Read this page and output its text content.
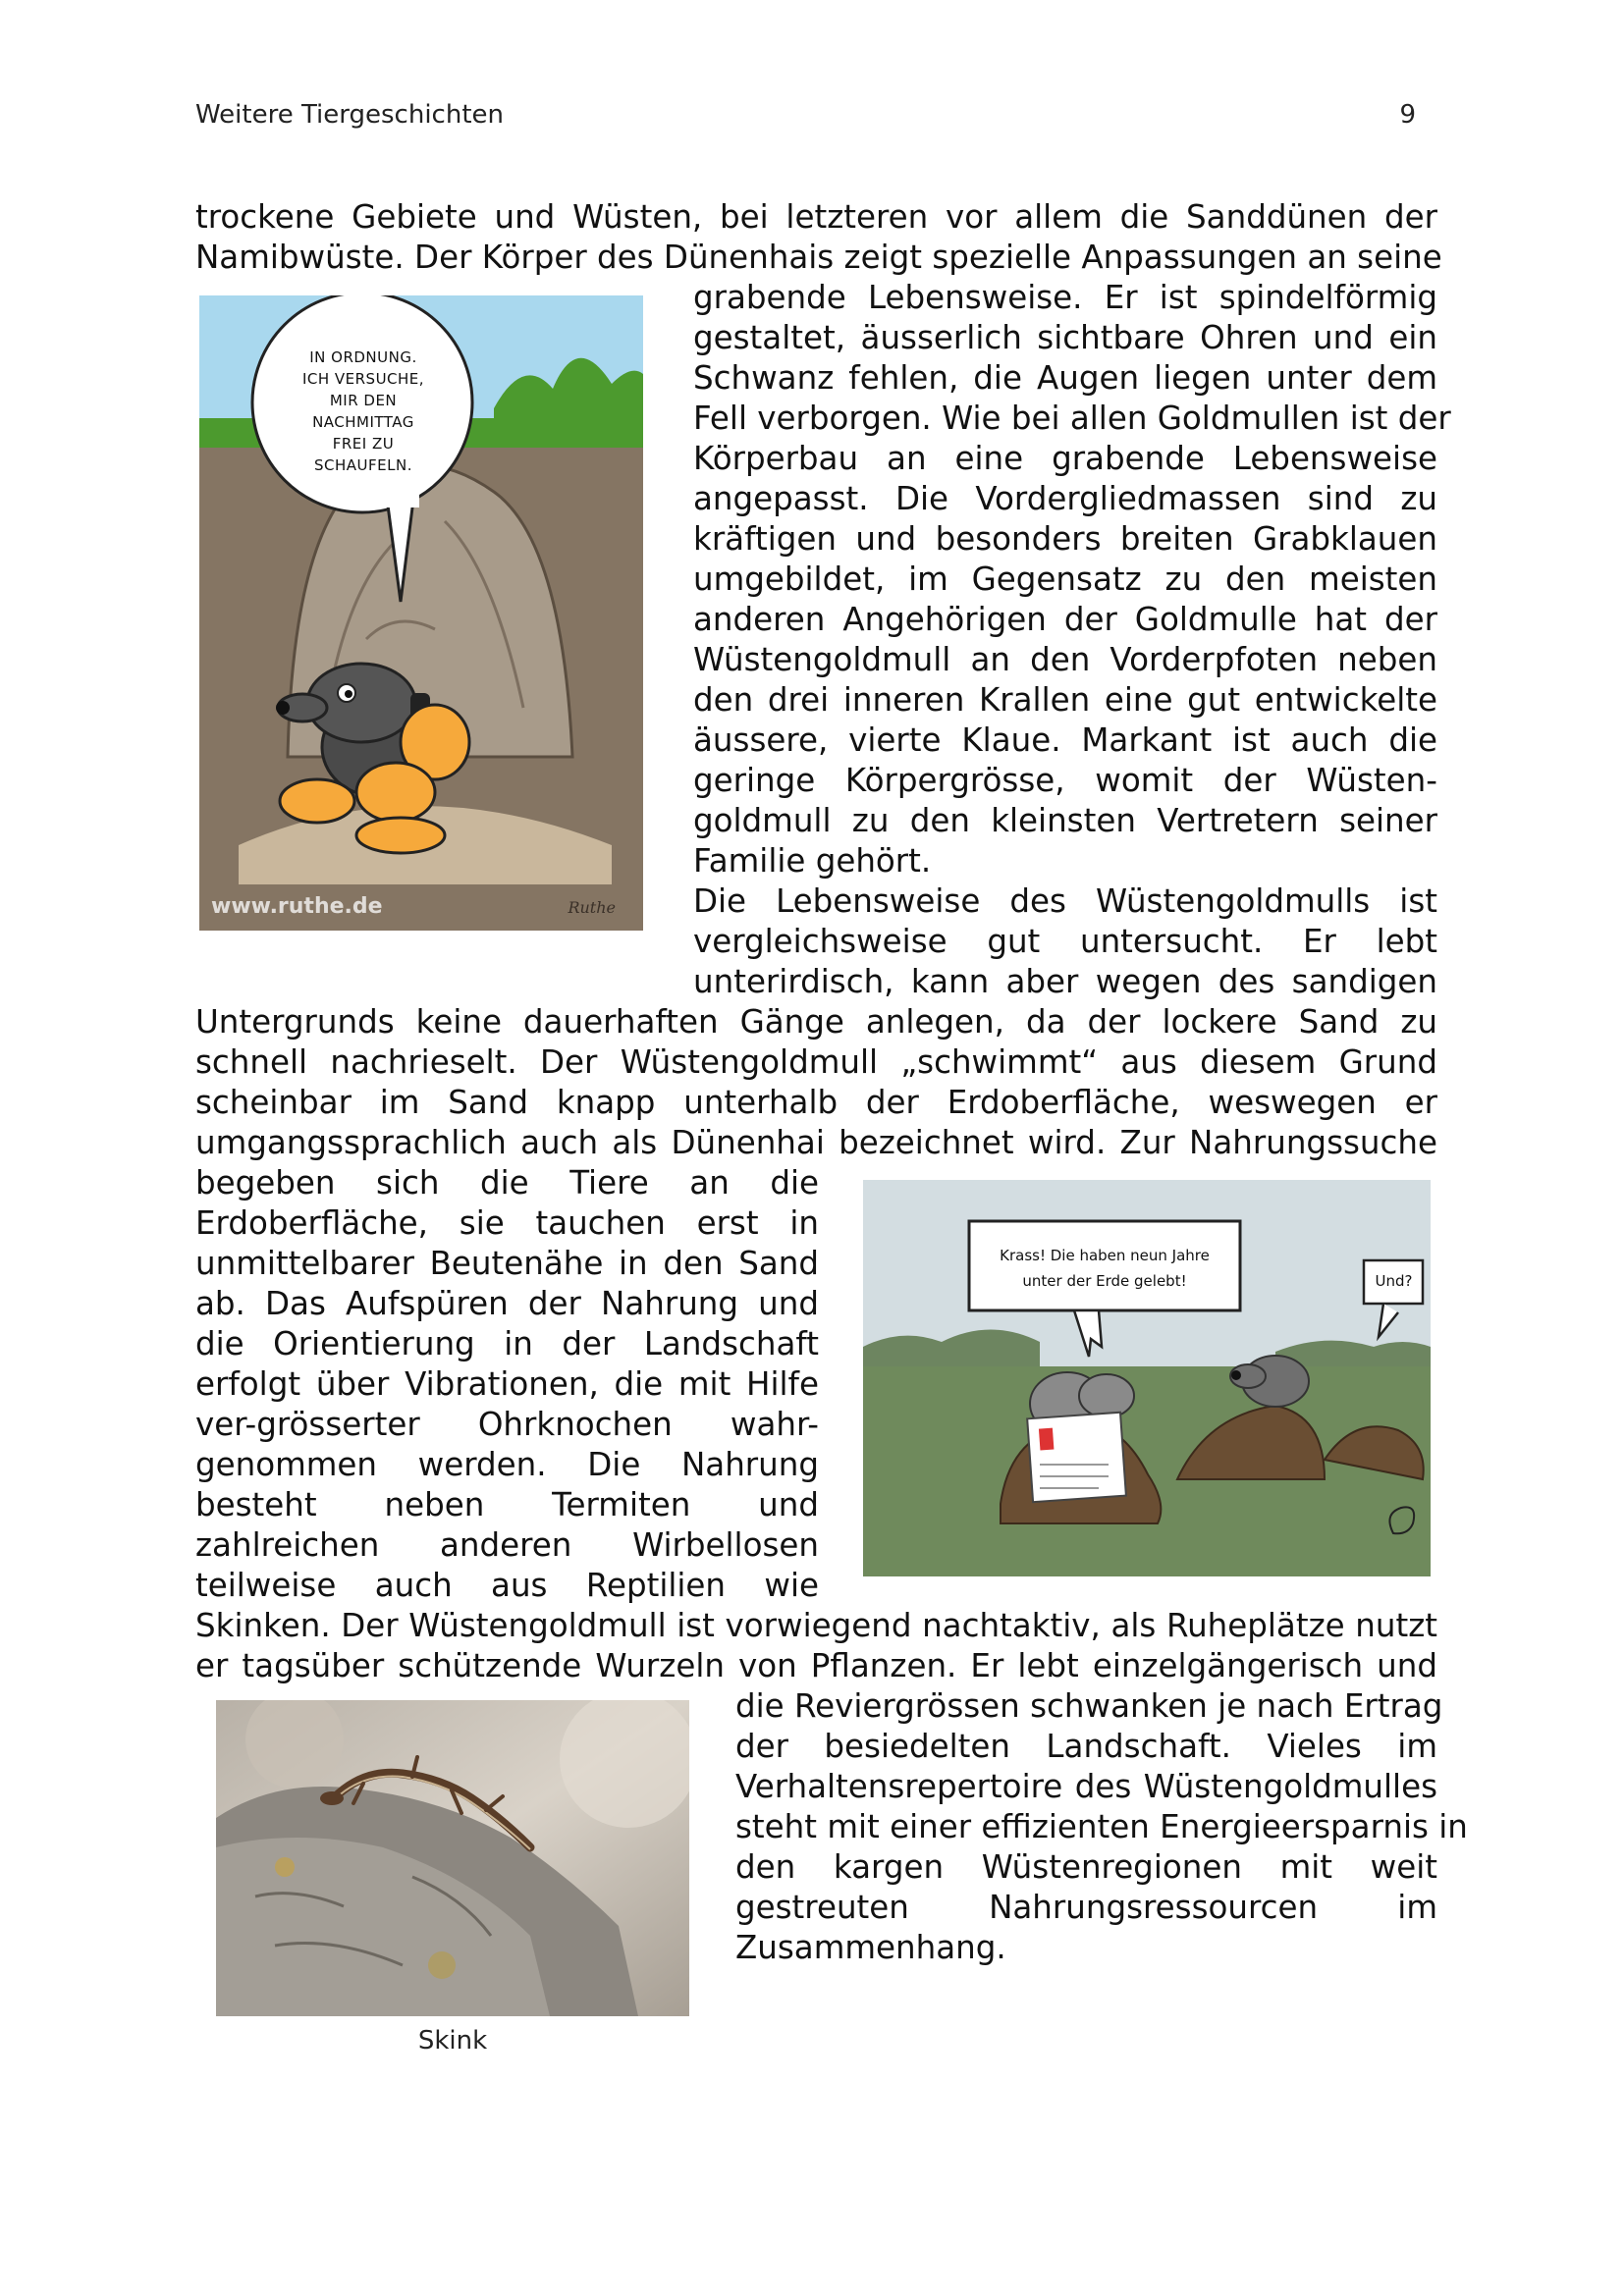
Weitere Tiergeschichten	9
trockene Gebiete und Wüsten, bei letzteren vor allem die Sanddünen der
Namibwüste. Der Körper des Dünenhais zeigt spezielle Anpassungen an seine
grabende Lebensweise. Er ist spindelförmig
gestaltet, äusserlich sichtbare Ohren und ein
Schwanz fehlen, die Augen liegen unter dem
Fell verborgen. Wie bei allen Goldmullen ist der
Körperbau an eine grabende Lebensweise
angepasst. Die Vordergliedmassen sind zu
kräftigen und besonders breiten Grabklauen
umgebildet, im Gegensatz zu den meisten
anderen Angehörigen der Goldmulle hat der
Wüstengoldmull an den Vorderpfoten neben
den drei inneren Krallen eine gut entwickelte
äussere, vierte Klaue. Markant ist auch die
geringe Körpergrösse, womit der Wüsten-
goldmull zu den kleinsten Vertretern seiner
Familie gehört.
Die Lebensweise des Wüstengoldmulls ist
vergleichsweise gut untersucht. Er lebt
unterirdisch, kann aber wegen des sandigen
Untergrunds keine dauerhaften Gänge anlegen, da der lockere Sand zu
schnell nachrieselt. Der Wüstengoldmull „schwimmt“ aus diesem Grund
scheinbar im Sand knapp unterhalb der Erdoberfläche, weswegen er
umgangssprachlich auch als Dünenhai bezeichnet wird. Zur Nahrungssuche
begeben sich die Tiere an die
Erdoberfläche, sie tauchen erst in
unmittelbarer Beutenähe in den Sand
ab. Das Aufspüren der Nahrung und
die Orientierung in der Landschaft
erfolgt über Vibrationen, die mit Hilfe
ver-grösserter Ohrknochen wahr-
genommen werden. Die Nahrung
besteht neben Termiten und
zahlreichen anderen Wirbellosen
teilweise auch aus Reptilien wie
Skinken. Der Wüstengoldmull ist vorwiegend nachtaktiv, als Ruheplätze nutzt
er tagsüber schützende Wurzeln von Pflanzen. Er lebt einzelgängerisch und
die Reviergrössen schwanken je nach Ertrag
der besiedelten Landschaft. Vieles im
Verhaltensrepertoire des Wüstengoldmulles
steht mit einer effizienten Energieersparnis in
den kargen Wüstenregionen mit weit
gestreuten Nahrungsressourcen im
Zusammenhang.
IN ORDNUNG.
ICH VERSUCHE,
MIR DEN
NACHMITTAG
FREI ZU
SCHAUFELN.
www.ruthe.de	Ruthe
Krass! Die haben neun Jahre
unter der Erde gelebt!	Und?
Skink
